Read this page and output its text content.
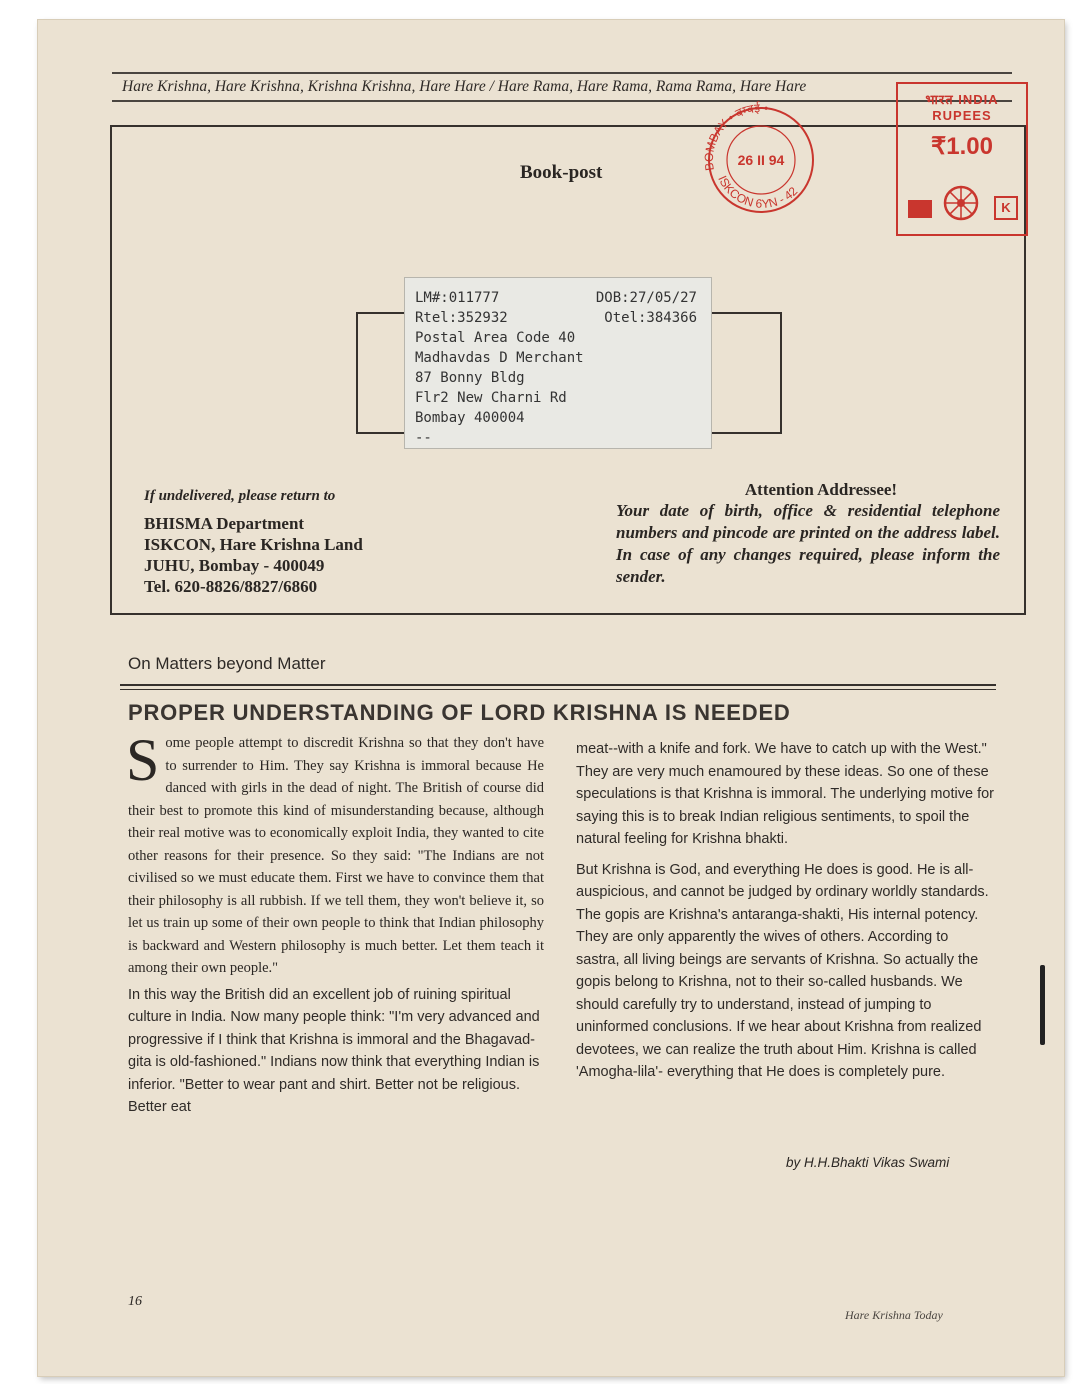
Hare Krishna, Hare Krishna, Krishna Krishna, Hare Hare / Hare Rama, Hare Rama, Rama Rama, Hare Hare
Book-post	BOMBAY • बम्बई •
ISKCON 6YN - 42
26 II 94
भारत INDIA
RUPEES
₹1.00
K
LM#:011777	DOB:27/05/27
Rtel:352932	Otel:384366
Postal Area Code 40
Madhavdas D Merchant
87 Bonny Bldg
Flr2 New Charni Rd
Bombay 400004
--
If undelivered, please return to
BHISMA Department
ISKCON, Hare Krishna Land
JUHU, Bombay - 400049
Tel. 620-8826/8827/6860
Attention Addressee!
Your date of birth, office & residential telephone numbers and pincode are printed on the address label. In case of any changes required, please inform the sender.
On Matters beyond Matter
PROPER UNDERSTANDING OF LORD KRISHNA IS NEEDED

Some people attempt to discredit Krishna so that they don't have to surrender to Him. They say Krishna is immoral because He danced with girls in the dead of night. The British of course did their best to promote this kind of misunderstanding because, although their real motive was to economically exploit India, they wanted to cite other reasons for their presence. So they said: "The Indians are not civilised so we must educate them. First we have to convince them that their philosophy is all rubbish. If we tell them, they won't believe it, so let us train up some of their own people to think that Indian philosophy is backward and Western philosophy is much better. Let them teach it among their own people."

In this way the British did an excellent job of ruining spiritual culture in India. Now many people think: "I'm very advanced and progressive if I think that Krishna is immoral and the Bhagavad-gita is old-fashioned." Indians now think that everything Indian is inferior. "Better to wear pant and shirt. Better not be religious. Better eat

meat--with a knife and fork. We have to catch up with the West." They are very much enamoured by these ideas. So one of these speculations is that Krishna is immoral. The underlying motive for saying this is to break Indian religious sentiments, to spoil the natural feeling for Krishna bhakti.

But Krishna is God, and everything He does is good. He is all-auspicious, and cannot be judged by ordinary worldly standards. The gopis are Krishna's antaranga-shakti, His internal potency. They are only apparently the wives of others. According to sastra, all living beings are servants of Krishna. So actually the gopis belong to Krishna, not to their so-called husbands. We should carefully try to understand, instead of jumping to uninformed conclusions. If we hear about Krishna from realized devotees, we can realize the truth about Him. Krishna is called 'Amogha-lila'- everything that He does is completely pure.

by H.H.Bhakti Vikas Swami
16
Hare Krishna Today
